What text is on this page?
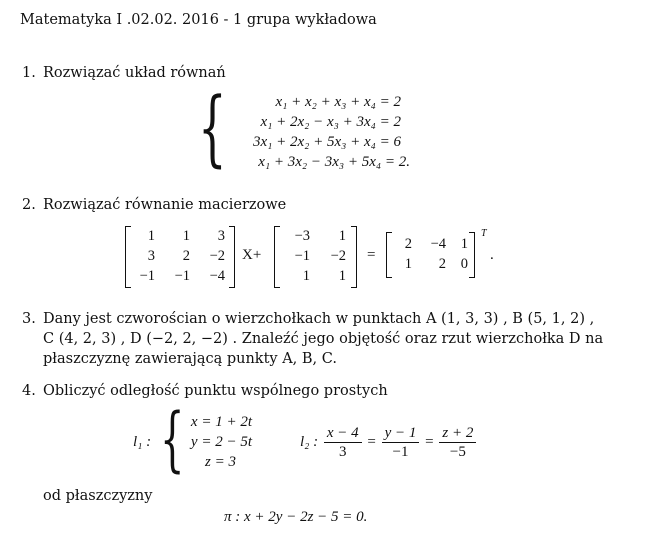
Matematyka I .02.02. 2016 - 1 grupa wykładowa
1. Rozwiązać układ równań
{	x₁ + x₂ + x₃ + x₄ = 2
x₁ + 2x₂ − x₃ + 3x₄ = 2
3x₁ + 2x₂ + 5x₃ + x₄ = 6
x₁ + 3x₂ − 3x₃ + 5x₄ = 2.
2. Rozwiązać równanie macierzowe
1	1	3
3	2	−2
−1	−1	−4
X+
−3	1
−1	−2
1	1
=
2	−4	1
1	2	0
T
.
3. Dany jest czworościan o wierzchołkach w punktach A (1, 3, 3) , B (5, 1, 2) ,
C (4, 2, 3) , D (−2, 2, −2) . Znaleźć jego objętość oraz rzut wierzchołka D na
płaszczyznę zawierającą punkty A, B, C.
4. Obliczyć odległość punktu wspólnego prostych
l₁ : { x = 1 + 2t
y = 2 − 5t
z = 3
l₂ : $\frac{x - 4}{3} = \frac{y - 1}{-1} = \frac{z + 2}{-5}$
od płaszczyzny
π : x + 2y − 2z − 5 = 0.
